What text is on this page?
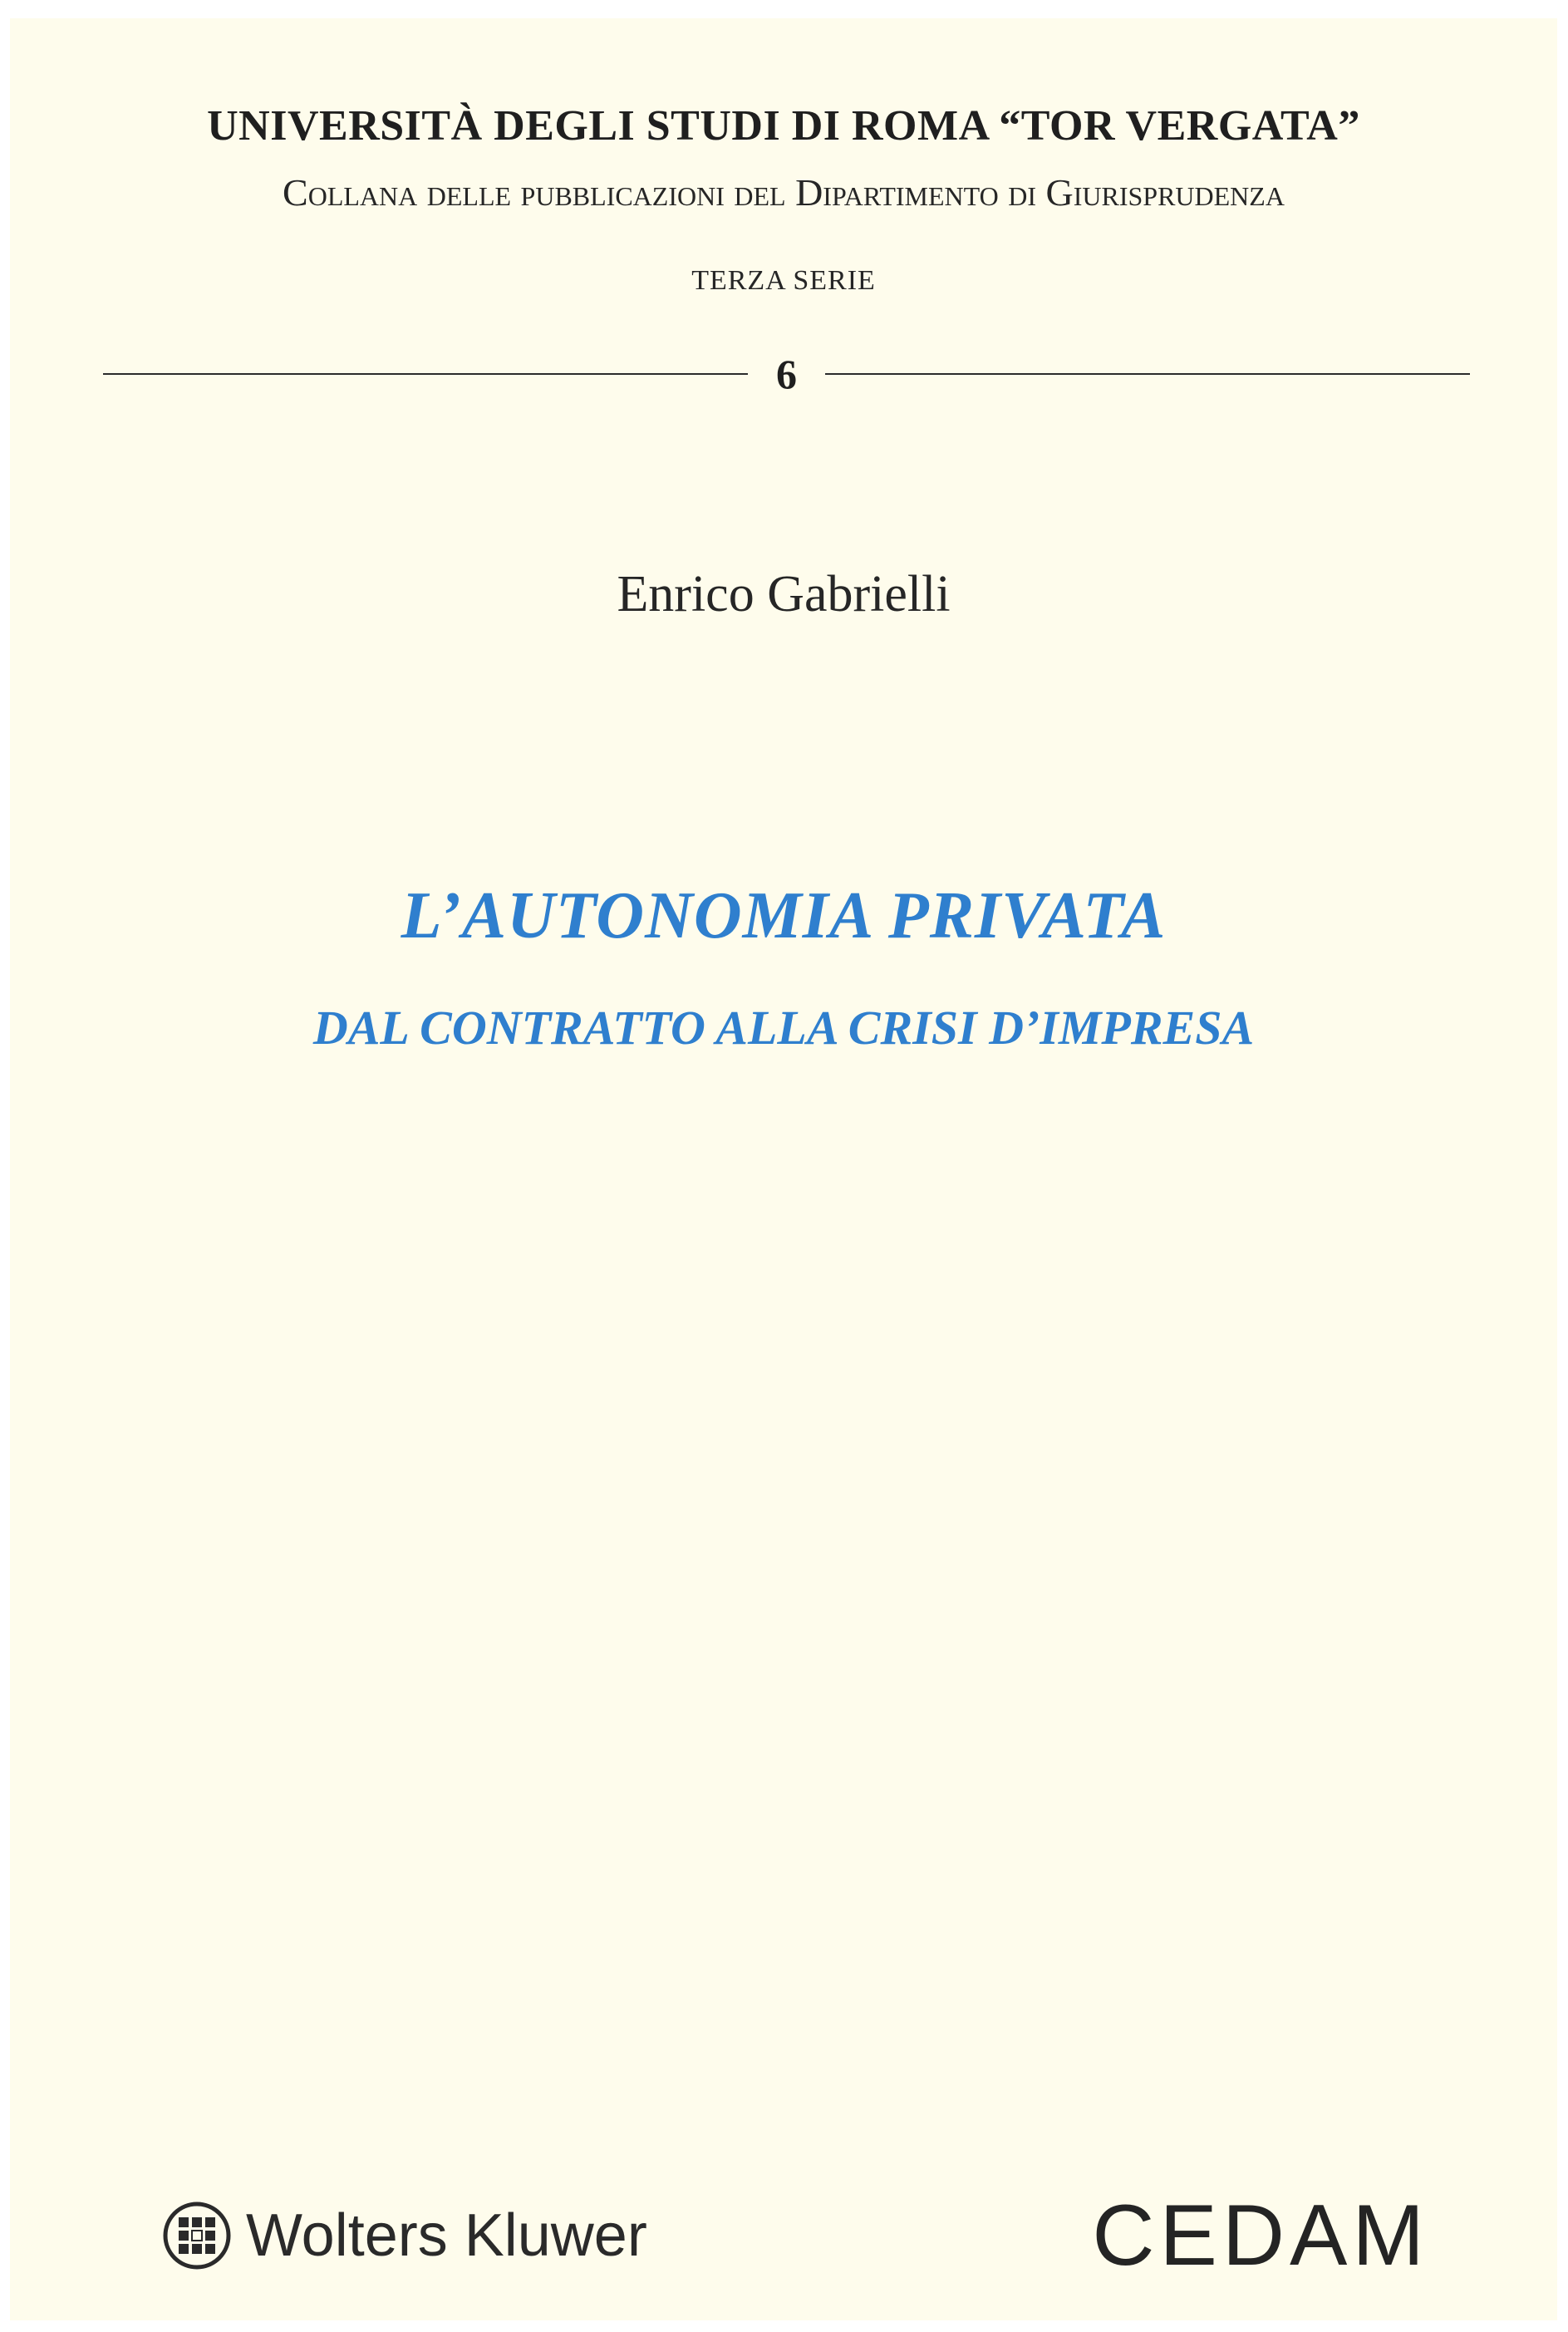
UNIVERSITÀ DEGLI STUDI DI ROMA “TOR VERGATA”
Collana delle pubblicazioni del Dipartimento di Giurisprudenza
TERZA SERIE
6
Enrico Gabrielli
L’AUTONOMIA PRIVATA
DAL CONTRATTO ALLA CRISI D’IMPRESA
Wolters Kluwer	CEDAM
